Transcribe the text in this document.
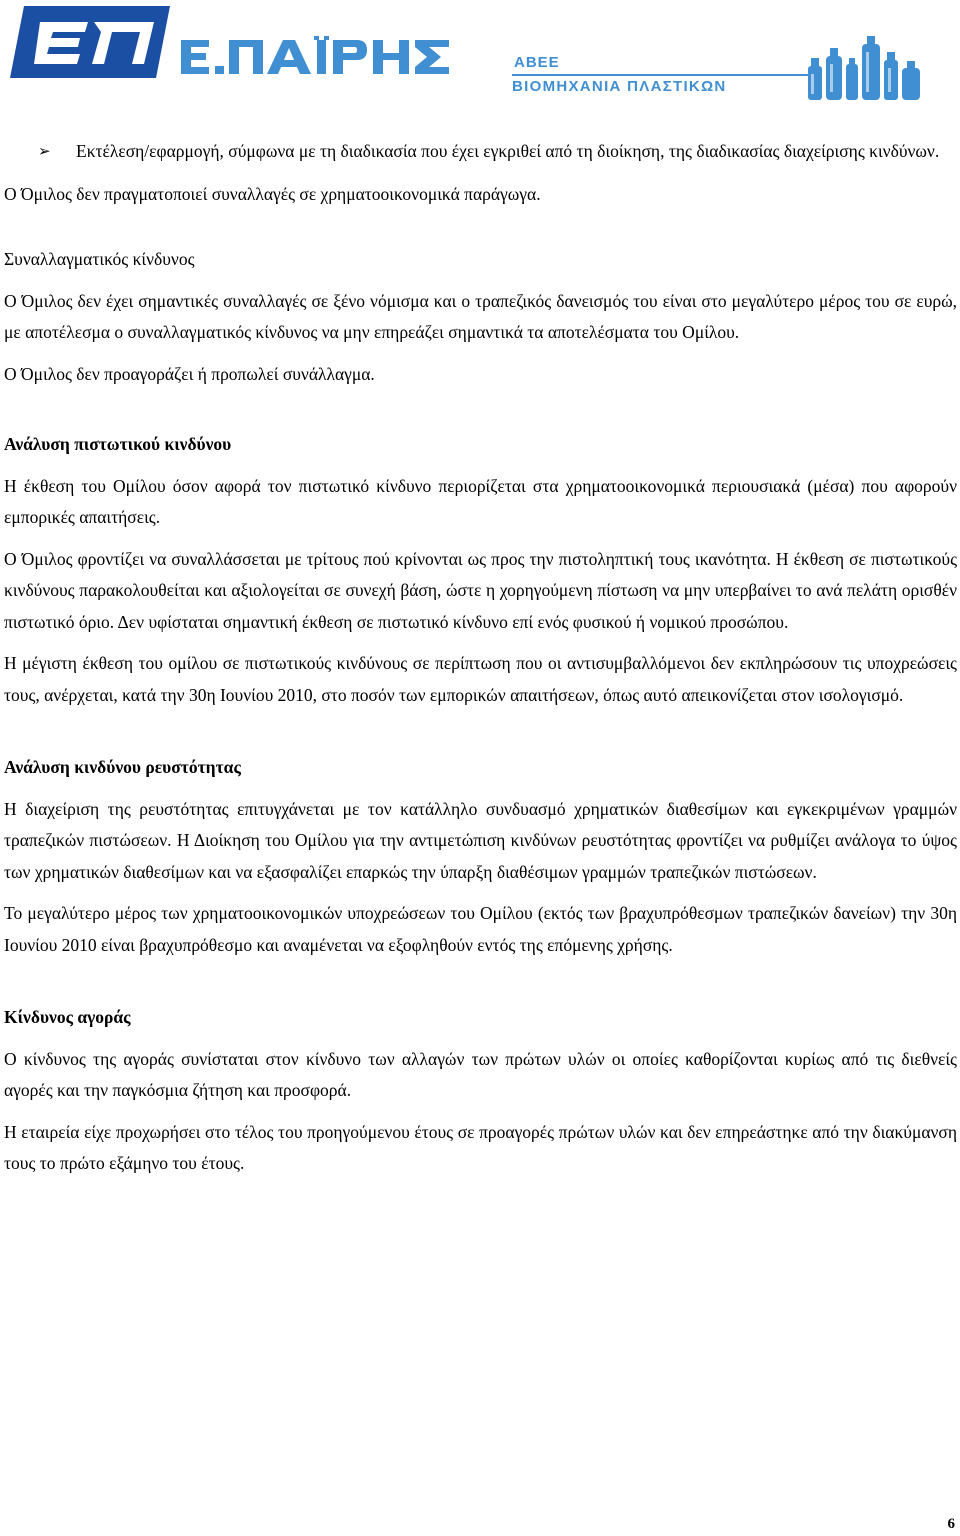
ΑΒΕΕ
ΒΙΟΜΗΧΑΝΙΑ ΠΛΑΣΤΙΚΩΝ

➢ Εκτέλεση/εφαρμογή, σύμφωνα με τη διαδικασία που έχει εγκριθεί από τη διοίκηση, της διαδικασίας διαχείρισης κινδύνων.

Ο Όμιλος δεν πραγματοποιεί συναλλαγές σε χρηματοοικονομικά παράγωγα.

Συναλλαγματικός κίνδυνος

Ο Όμιλος δεν έχει σημαντικές συναλλαγές σε ξένο νόμισμα και ο τραπεζικός δανεισμός του είναι στο μεγαλύτερο μέρος του σε ευρώ, με αποτέλεσμα ο συναλλαγματικός κίνδυνος να μην επηρεάζει σημαντικά τα αποτελέσματα του Ομίλου.

Ο Όμιλος δεν προαγοράζει ή προπωλεί συνάλλαγμα.

Ανάλυση πιστωτικού κινδύνου

Η έκθεση του Ομίλου όσον αφορά τον πιστωτικό κίνδυνο περιορίζεται στα χρηματοοικονομικά περιουσιακά (μέσα) που αφορούν εμπορικές απαιτήσεις.

Ο Όμιλος φροντίζει να συναλλάσσεται με τρίτους πού κρίνονται ως προς την πιστοληπτική τους ικανότητα. Η έκθεση σε πιστωτικούς κινδύνους παρακολουθείται και αξιολογείται σε συνεχή βάση, ώστε η χορηγούμενη πίστωση να μην υπερβαίνει το ανά πελάτη ορισθέν πιστωτικό όριο. Δεν υφίσταται σημαντική έκθεση σε πιστωτικό κίνδυνο επί ενός φυσικού ή νομικού προσώπου.

Η μέγιστη έκθεση του ομίλου σε πιστωτικούς κινδύνους σε περίπτωση που οι αντισυμβαλλόμενοι δεν εκπληρώσουν τις υποχρεώσεις τους, ανέρχεται, κατά την 30η Ιουνίου 2010, στο ποσόν των εμπορικών απαιτήσεων, όπως αυτό απεικονίζεται στον ισολογισμό.

Ανάλυση κινδύνου ρευστότητας

Η διαχείριση της ρευστότητας επιτυγχάνεται με τον κατάλληλο συνδυασμό χρηματικών διαθεσίμων και εγκεκριμένων γραμμών τραπεζικών πιστώσεων. Η Διοίκηση του Ομίλου για την αντιμετώπιση κινδύνων ρευστότητας φροντίζει να ρυθμίζει ανάλογα το ύψος των χρηματικών διαθεσίμων και να εξασφαλίζει επαρκώς την ύπαρξη διαθέσιμων γραμμών τραπεζικών πιστώσεων.

Το μεγαλύτερο μέρος των χρηματοοικονομικών υποχρεώσεων του Ομίλου (εκτός των βραχυπρόθεσμων τραπεζικών δανείων) την 30η Ιουνίου 2010 είναι βραχυπρόθεσμο και αναμένεται να εξοφληθούν εντός της επόμενης χρήσης.

Κίνδυνος αγοράς

Ο κίνδυνος της αγοράς συνίσταται στον κίνδυνο των αλλαγών των πρώτων υλών οι οποίες καθορίζονται κυρίως από τις διεθνείς αγορές και την παγκόσμια ζήτηση και προσφορά.

Η εταιρεία είχε προχωρήσει στο τέλος του προηγούμενου έτους σε προαγορές πρώτων υλών και δεν επηρεάστηκε από την διακύμανση τους το πρώτο εξάμηνο του έτους.

6
